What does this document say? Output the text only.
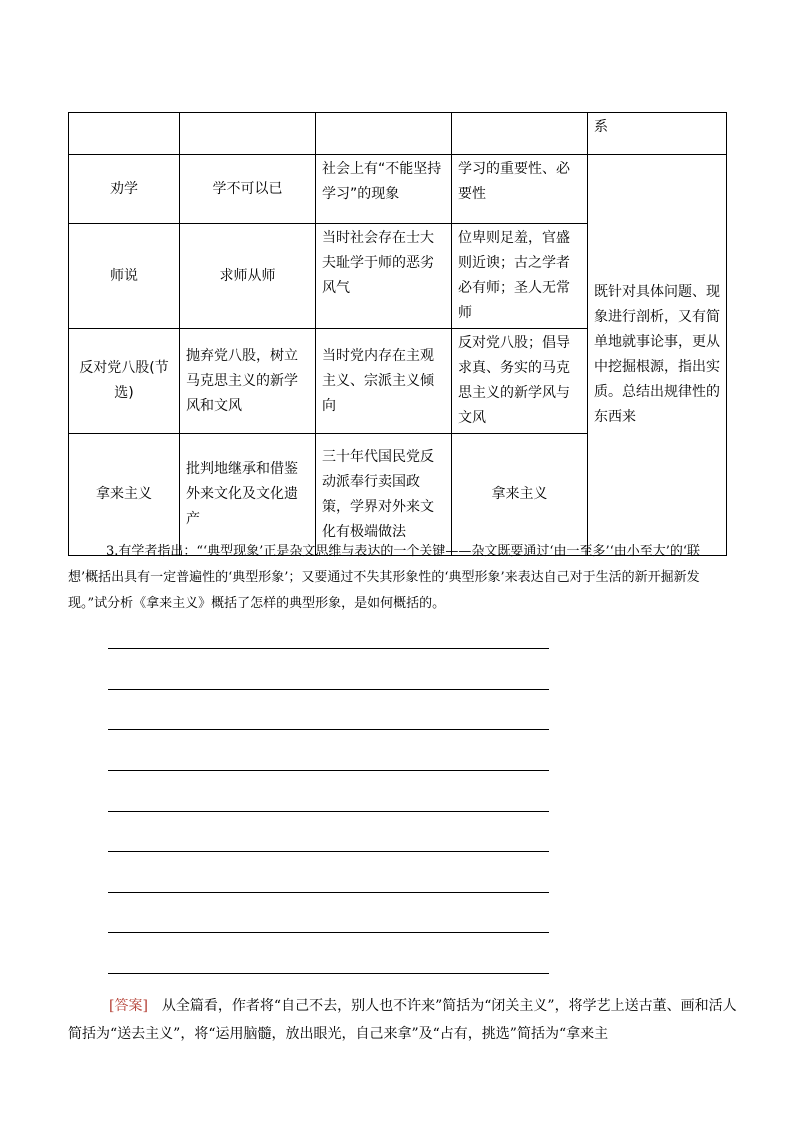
				系
劝学	学不可以已	社会上有“不能坚持学习”的现象	学习的重要性、必要性	既针对具体问题、现象进行剖析，又有简单地就事论事，更从中挖掘根源，指出实质。总结出规律性的东西来
师说	求师从师	当时社会存在士大夫耻学于师的恶劣风气	位卑则足羞，官盛则近谀；古之学者必有师；圣人无常师	
反对党八股(节选)	抛弃党八股，树立马克思主义的新学风和文风	当时党内存在主观主义、宗派主义倾向	反对党八股；倡导求真、务实的马克思主义的新学风与文风	
拿来主义	批判地继承和借鉴外来文化及文化遗产	三十年代国民党反动派奉行卖国政策，学界对外来文化有极端做法	拿来主义	

3.有学者指出：“‘典型现象’正是杂文思维与表达的一个关键——杂文既要通过‘由一至多’‘由小至大’的‘联想’概括出具有一定普遍性的‘典型形象’；又要通过不失其形象性的‘典型形象’来表达自己对于生活的新开掘新发现。”试分析《拿来主义》概括了怎样的典型形象，是如何概括的。

[答案]　从全篇看，作者将“自己不去，别人也不许来”简括为“闭关主义”，将学艺上送古董、画和活人简括为“送去主义”，将“运用脑髓，放出眼光，自己来拿”及“占有，挑选”简括为“拿来主
